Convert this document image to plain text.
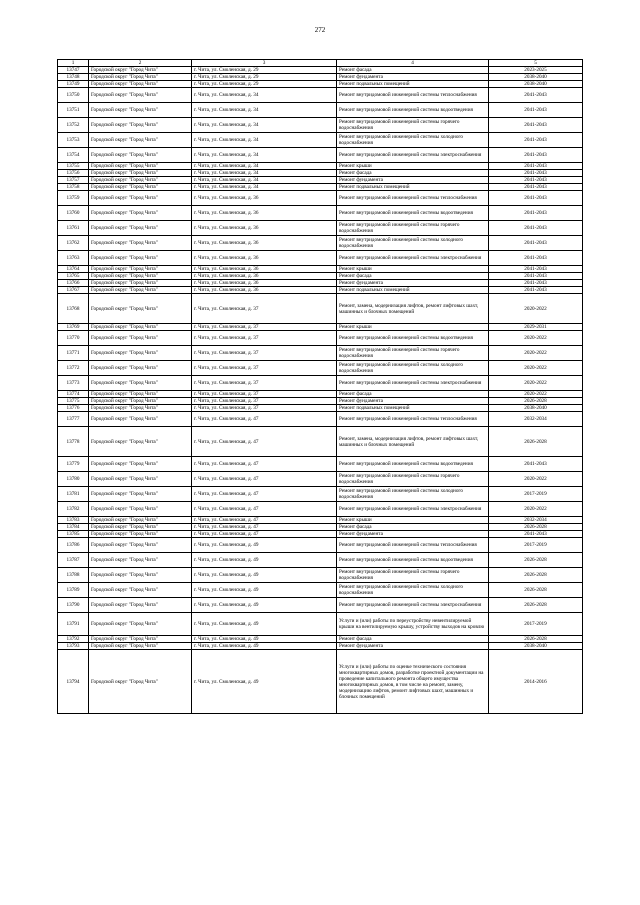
272
1	2	3	4	5
13747	Городской округ "Город Чита"	г. Чита, ул. Смоленская, д. 29	Ремонт фасада	2023-2025
13748	Городской округ "Город Чита"	г. Чита, ул. Смоленская, д. 29	Ремонт фундамента	2038-2040
13749	Городской округ "Город Чита"	г. Чита, ул. Смоленская, д. 29	Ремонт подвальных помещений	2038-2040
13750	Городской округ "Город Чита"	г. Чита, ул. Смоленская, д. 34	Ремонт внутридомовой инженерной системы теплоснабжения	2041-2043
13751	Городской округ "Город Чита"	г. Чита, ул. Смоленская, д. 34	Ремонт внутридомовой инженерной системы водоотведения	2041-2043
13752	Городской округ "Город Чита"	г. Чита, ул. Смоленская, д. 34	Ремонт внутридомовой инженерной системы горячего водоснабжения	2041-2043
13753	Городской округ "Город Чита"	г. Чита, ул. Смоленская, д. 34	Ремонт внутридомовой инженерной системы холодного водоснабжения	2041-2043
13754	Городской округ "Город Чита"	г. Чита, ул. Смоленская, д. 34	Ремонт внутридомовой инженерной системы электроснабжения	2041-2043
13755	Городской округ "Город Чита"	г. Чита, ул. Смоленская, д. 34	Ремонт крыши	2041-2043
13756	Городской округ "Город Чита"	г. Чита, ул. Смоленская, д. 34	Ремонт фасада	2041-2043
13757	Городской округ "Город Чита"	г. Чита, ул. Смоленская, д. 34	Ремонт фундамента	2041-2043
13758	Городской округ "Город Чита"	г. Чита, ул. Смоленская, д. 34	Ремонт подвальных помещений	2041-2043
13759	Городской округ "Город Чита"	г. Чита, ул. Смоленская, д. 36	Ремонт внутридомовой инженерной системы теплоснабжения	2041-2043
13760	Городской округ "Город Чита"	г. Чита, ул. Смоленская, д. 36	Ремонт внутридомовой инженерной системы водоотведения	2041-2043
13761	Городской округ "Город Чита"	г. Чита, ул. Смоленская, д. 36	Ремонт внутридомовой инженерной системы горячего водоснабжения	2041-2043
13762	Городской округ "Город Чита"	г. Чита, ул. Смоленская, д. 36	Ремонт внутридомовой инженерной системы холодного водоснабжения	2041-2043
13763	Городской округ "Город Чита"	г. Чита, ул. Смоленская, д. 36	Ремонт внутридомовой инженерной системы электроснабжения	2041-2043
13764	Городской округ "Город Чита"	г. Чита, ул. Смоленская, д. 36	Ремонт крыши	2041-2043
13765	Городской округ "Город Чита"	г. Чита, ул. Смоленская, д. 36	Ремонт фасада	2041-2043
13766	Городской округ "Город Чита"	г. Чита, ул. Смоленская, д. 36	Ремонт фундамента	2041-2043
13767	Городской округ "Город Чита"	г. Чита, ул. Смоленская, д. 36	Ремонт подвальных помещений	2041-2043
13768	Городской округ "Город Чита"	г. Чита, ул. Смоленская, д. 37	Ремонт, замена, модернизация лифтов, ремонт лифтовых шахт, машинных и блочных помещений	2020-2022
13769	Городской округ "Город Чита"	г. Чита, ул. Смоленская, д. 37	Ремонт крыши	2029-2031
13770	Городской округ "Город Чита"	г. Чита, ул. Смоленская, д. 37	Ремонт внутридомовой инженерной системы водоотведения	2020-2022
13771	Городской округ "Город Чита"	г. Чита, ул. Смоленская, д. 37	Ремонт внутридомовой инженерной системы горячего водоснабжения	2020-2022
13772	Городской округ "Город Чита"	г. Чита, ул. Смоленская, д. 37	Ремонт внутридомовой инженерной системы холодного водоснабжения	2020-2022
13773	Городской округ "Город Чита"	г. Чита, ул. Смоленская, д. 37	Ремонт внутридомовой инженерной системы электроснабжения	2020-2022
13774	Городской округ "Город Чита"	г. Чита, ул. Смоленская, д. 37	Ремонт фасада	2020-2022
13775	Городской округ "Город Чита"	г. Чита, ул. Смоленская, д. 37	Ремонт фундамента	2026-2028
13776	Городской округ "Город Чита"	г. Чита, ул. Смоленская, д. 37	Ремонт подвальных помещений	2038-2040
13777	Городской округ "Город Чита"	г. Чита, ул. Смоленская, д. 47	Ремонт внутридомовой инженерной системы теплоснабжения	2032-2034
13778	Городской округ "Город Чита"	г. Чита, ул. Смоленская, д. 47	Ремонт, замена, модернизация лифтов, ремонт лифтовых шахт, машинных и блочных помещений	2026-2028
13779	Городской округ "Город Чита"	г. Чита, ул. Смоленская, д. 47	Ремонт внутридомовой инженерной системы водоотведения	2041-2043
13780	Городской округ "Город Чита"	г. Чита, ул. Смоленская, д. 47	Ремонт внутридомовой инженерной системы горячего водоснабжения	2020-2022
13781	Городской округ "Город Чита"	г. Чита, ул. Смоленская, д. 47	Ремонт внутридомовой инженерной системы холодного водоснабжения	2017-2019
13782	Городской округ "Город Чита"	г. Чита, ул. Смоленская, д. 47	Ремонт внутридомовой инженерной системы электроснабжения	2020-2022
13783	Городской округ "Город Чита"	г. Чита, ул. Смоленская, д. 47	Ремонт крыши	2032-2034
13784	Городской округ "Город Чита"	г. Чита, ул. Смоленская, д. 47	Ремонт фасада	2026-2028
13785	Городской округ "Город Чита"	г. Чита, ул. Смоленская, д. 47	Ремонт фундамента	2041-2043
13786	Городской округ "Город Чита"	г. Чита, ул. Смоленская, д. 49	Ремонт внутридомовой инженерной системы теплоснабжения	2017-2019
13787	Городской округ "Город Чита"	г. Чита, ул. Смоленская, д. 49	Ремонт внутридомовой инженерной системы водоотведения	2026-2028
13788	Городской округ "Город Чита"	г. Чита, ул. Смоленская, д. 49	Ремонт внутридомовой инженерной системы горячего водоснабжения	2026-2028
13789	Городской округ "Город Чита"	г. Чита, ул. Смоленская, д. 49	Ремонт внутридомовой инженерной системы холодного водоснабжения	2026-2028
13790	Городской округ "Город Чита"	г. Чита, ул. Смоленская, д. 49	Ремонт внутридомовой инженерной системы электроснабжения	2026-2028
13791	Городской округ "Город Чита"	г. Чита, ул. Смоленская, д. 49	Услуги и (или) работы по переустройству невентилируемой крыши на вентилируемую крышу, устройству выходов на кровлю	2017-2019
13792	Городской округ "Город Чита"	г. Чита, ул. Смоленская, д. 49	Ремонт фасада	2026-2028
13793	Городской округ "Город Чита"	г. Чита, ул. Смоленская, д. 49	Ремонт фундамента	2038-2040
13794	Городской округ "Город Чита"	г. Чита, ул. Смоленская, д. 49	Услуги и (или) работы по оценке технического состояния многоквартирных домов, разработке проектной документации на проведение капитального ремонта общего имущества многоквартирных домов, в том числе на ремонт, замену, модернизацию лифтов, ремонт лифтовых шахт, машинных и блочных помещений	2014-2016
